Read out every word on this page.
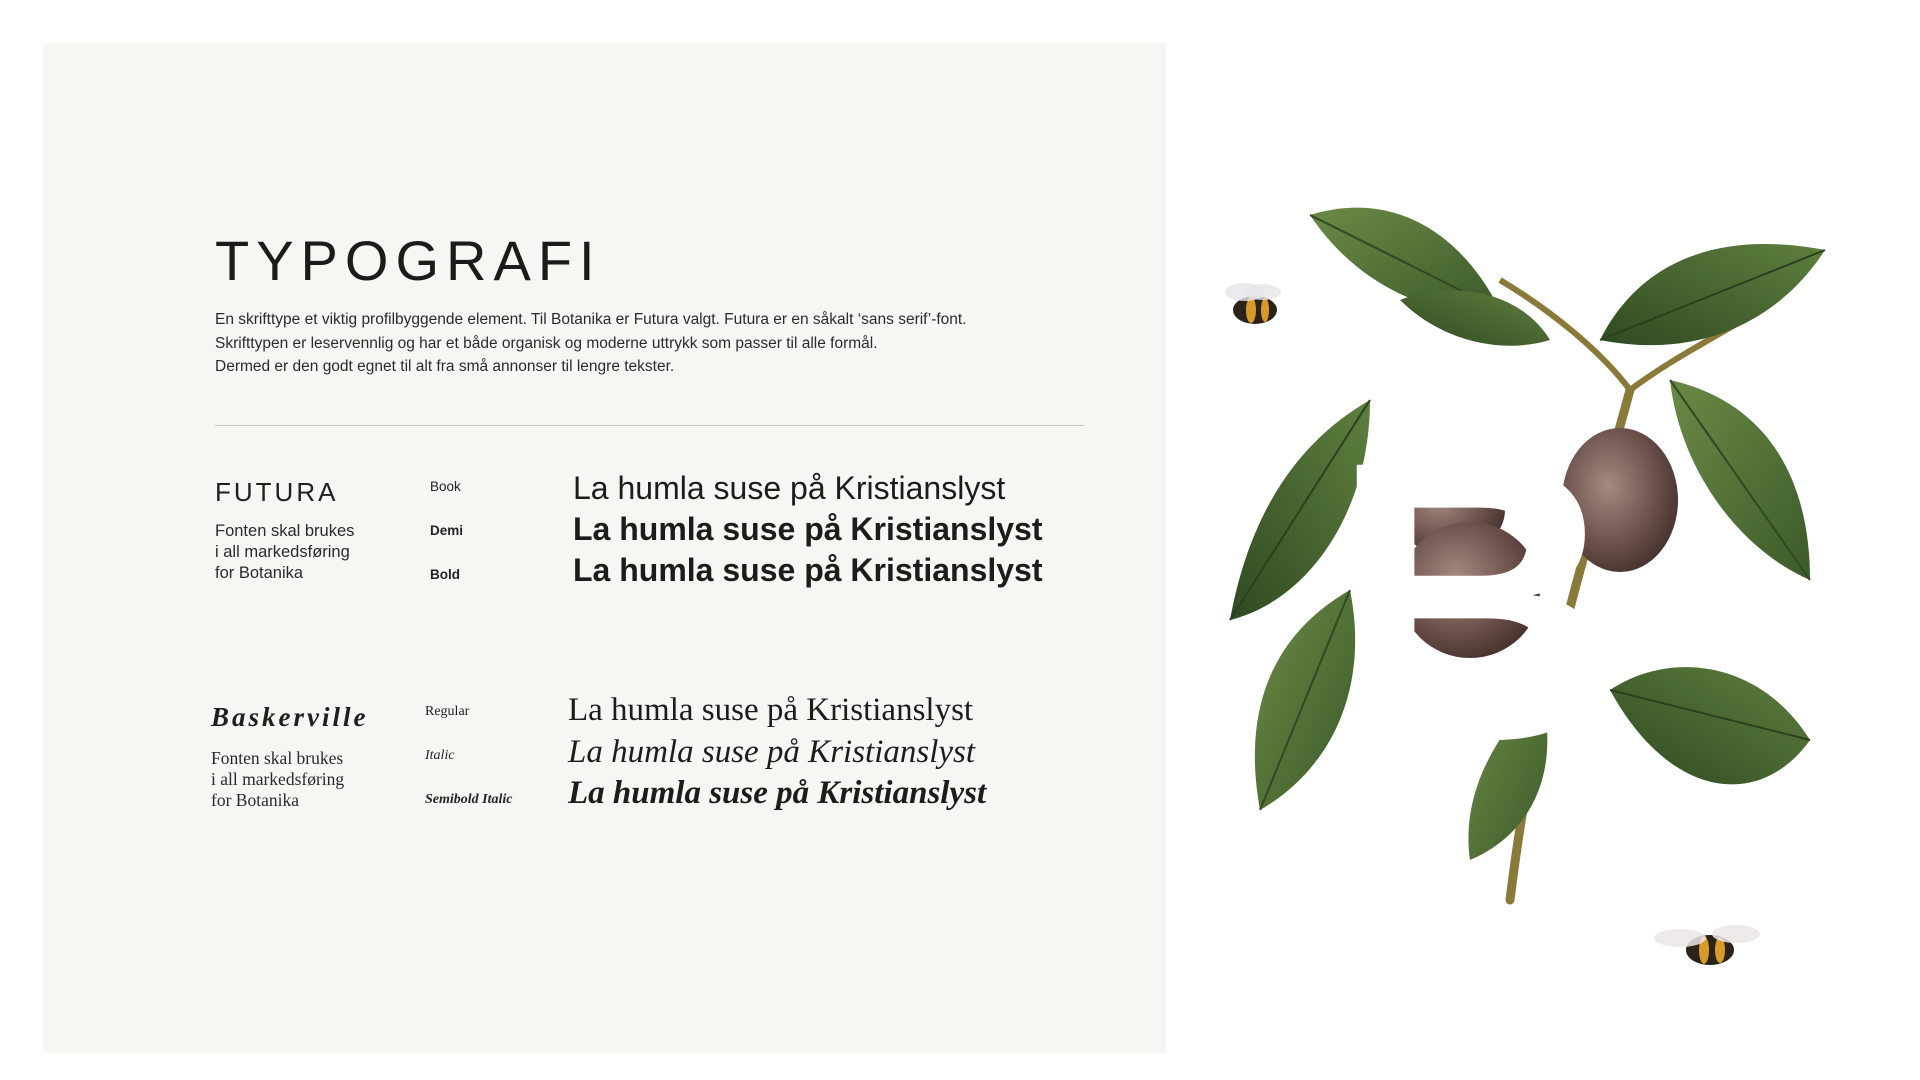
TYPOGRAFI
En skrifttype et viktig profilbyggende element. Til Botanika er Futura valgt. Futura er en såkalt ‘sans serif’-font.
Skrifttypen er leservennlig og har et både organisk og moderne uttrykk som passer til alle formål.
Dermed er den godt egnet til alt fra små annonser til lengre tekster.
FUTURA
Fonten skal brukes
i all markedsføring
for Botanika
Book	La humla suse på Kristianslyst
Demi	La humla suse på Kristianslyst
Bold	La humla suse på Kristianslyst
Baskerville
Fonten skal brukes
i all markedsføring
for Botanika
Regular	La humla suse på Kristianslyst
Italic	La humla suse på Kristianslyst
Semibold Italic La humla suse på Kristianslyst B
